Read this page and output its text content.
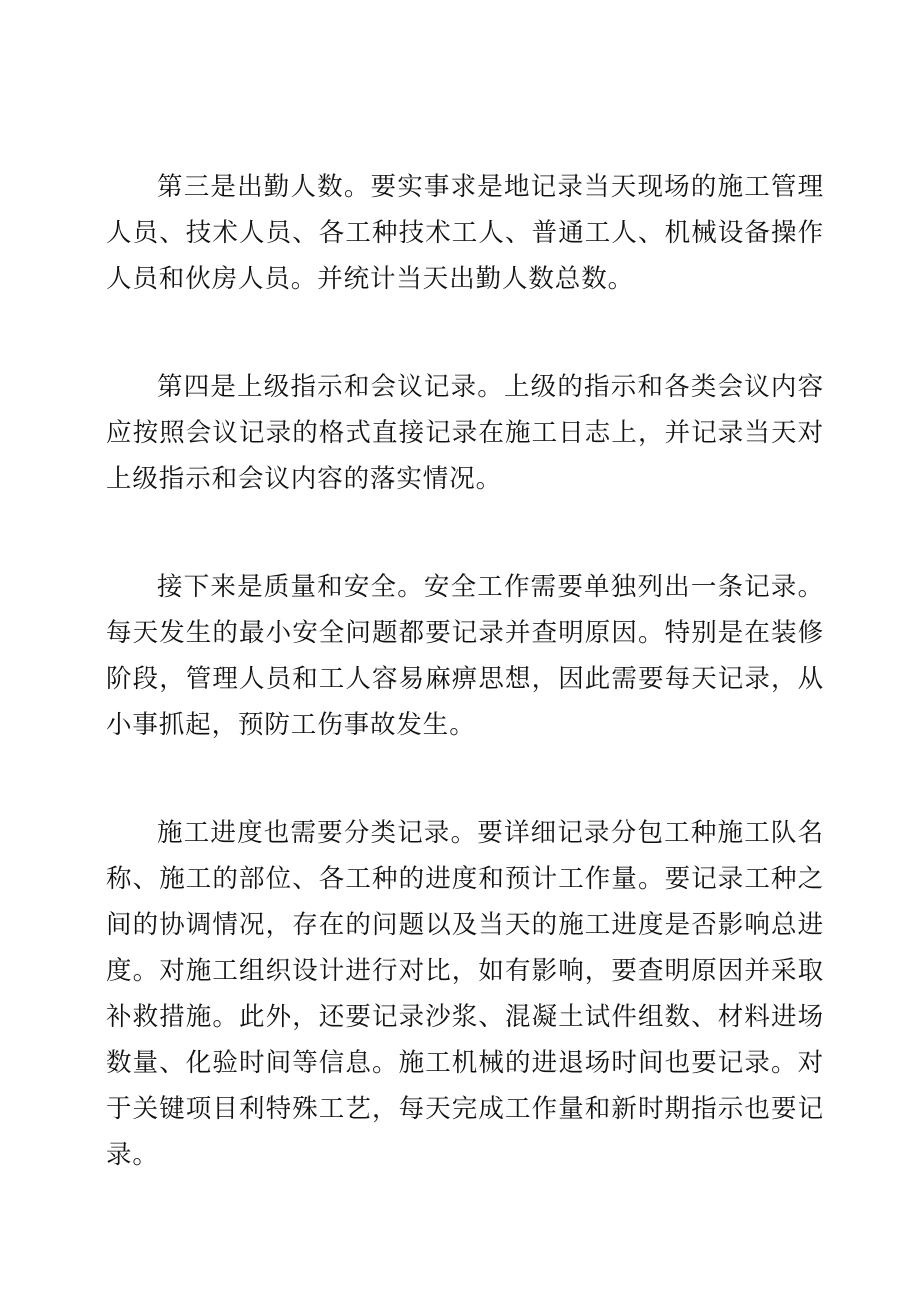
第三是出勤人数。要实事求是地记录当天现场的施工管理人员、技术人员、各工种技术工人、普通工人、机械设备操作人员和伙房人员。并统计当天出勤人数总数。

第四是上级指示和会议记录。上级的指示和各类会议内容应按照会议记录的格式直接记录在施工日志上，并记录当天对上级指示和会议内容的落实情况。

接下来是质量和安全。安全工作需要单独列出一条记录。每天发生的最小安全问题都要记录并查明原因。特别是在装修阶段，管理人员和工人容易麻痹思想，因此需要每天记录，从小事抓起，预防工伤事故发生。

施工进度也需要分类记录。要详细记录分包工种施工队名称、施工的部位、各工种的进度和预计工作量。要记录工种之间的协调情况，存在的问题以及当天的施工进度是否影响总进度。对施工组织设计进行对比，如有影响，要查明原因并采取补救措施。此外，还要记录沙浆、混凝土试件组数、材料进场数量、化验时间等信息。施工机械的进退场时间也要记录。对于关键项目利特殊工艺，每天完成工作量和新时期指示也要记录。
